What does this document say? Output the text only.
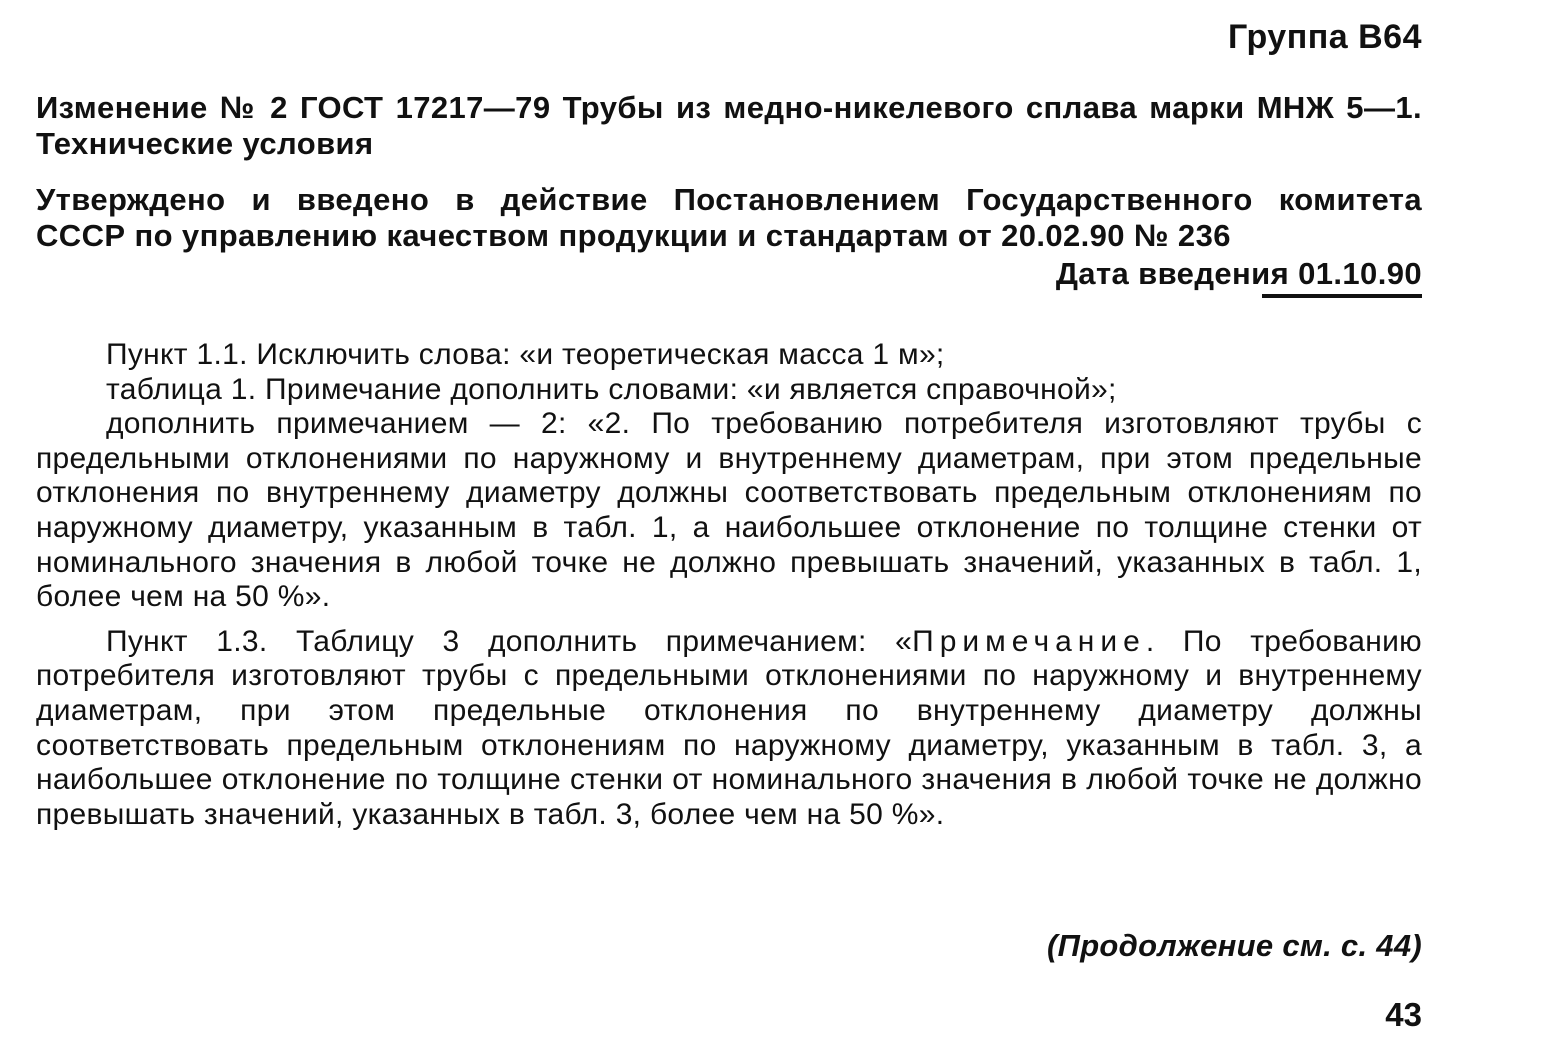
Группа В64
Изменение № 2 ГОСТ 17217—79 Трубы из медно-никелевого сплава марки МНЖ 5—1. Технические условия
Утверждено и введено в действие Постановлением Государственного комитета
СССР по управлению качеством продукции и стандартам от 20.02.90 № 236
Дата введения 01.10.90

Пункт 1.1. Исключить слова: «и теоретическая масса 1 м»;

таблица 1. Примечание дополнить словами: «и является справочной»;

дополнить примечанием — 2: «2. По требованию потребителя изготовляют трубы с предельными отклонениями по наружному и внутреннему диаметрам, при этом предельные отклонения по внутреннему диаметру должны соответствовать предельным отклонениям по наружному диаметру, указанным в табл. 1, а наибольшее отклонение по толщине стенки от номинального значения в любой точке не должно превышать значений, указанных в табл. 1, более чем на 50 %».

Пункт 1.3. Таблицу 3 дополнить примечанием: «Примечание. По требованию потребителя изготовляют трубы с предельными отклонениями по наружному и внутреннему диаметрам, при этом предельные отклонения по внутреннему диаметру должны соответствовать предельным отклонениям по наружному диаметру, указанным в табл. 3, а наибольшее отклонение по толщине стенки от номинального значения в любой точке не должно превышать значений, указанных в табл. 3, более чем на 50 %».

(Продолжение см. с. 44)
43
